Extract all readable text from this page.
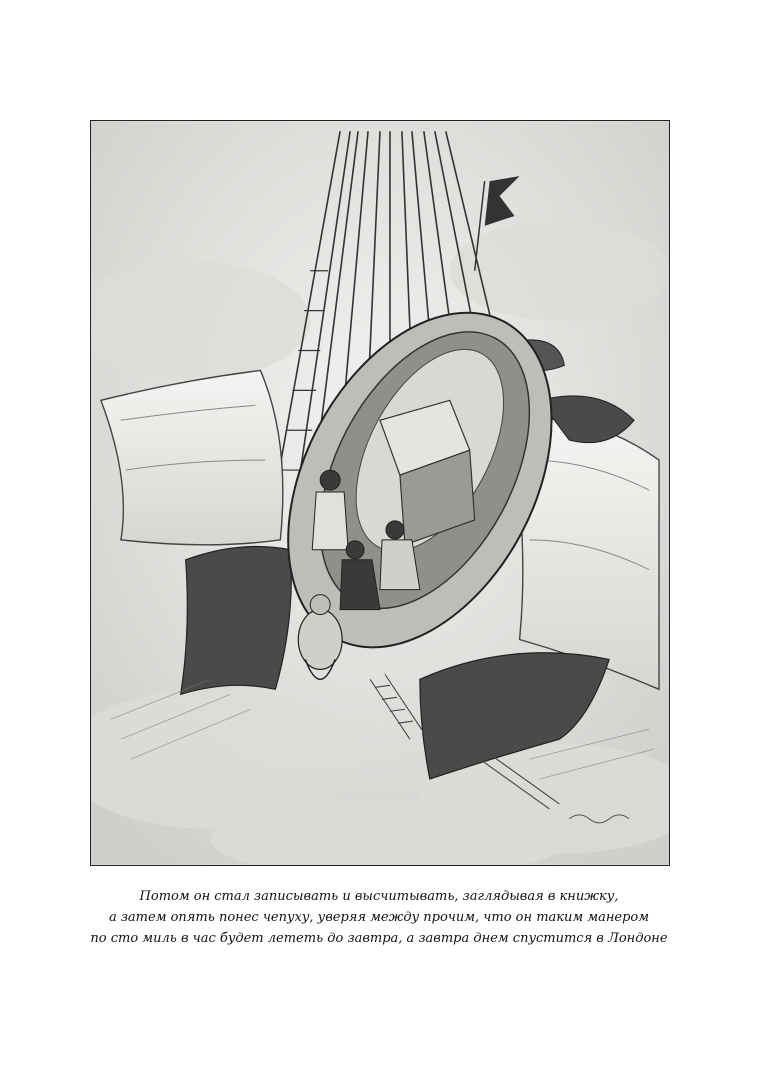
Потом он стал записывать и высчитывать, заглядывая в книжку,
а затем опять понес чепуху, уверяя между прочим, что он таким манером
по сто миль в час будет лететь до завтра, а завтра днем спустится в Лондоне
